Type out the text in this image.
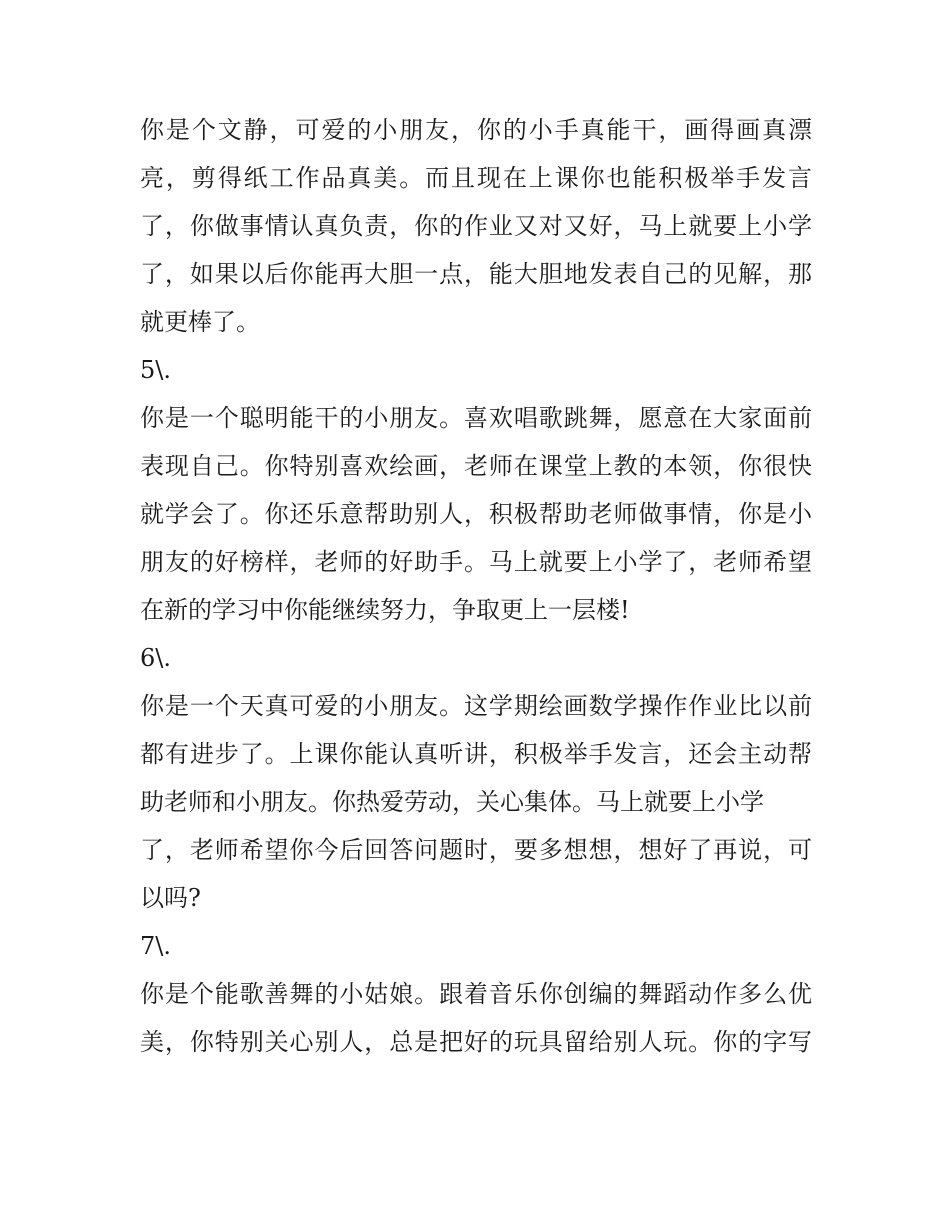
你是个文静，可爱的小朋友，你的小手真能干，画得画真漂
亮，剪得纸工作品真美。而且现在上课你也能积极举手发言
了，你做事情认真负责，你的作业又对又好，马上就要上小学
了，如果以后你能再大胆一点，能大胆地发表自己的见解，那
就更棒了。
5\.
你是一个聪明能干的小朋友。喜欢唱歌跳舞，愿意在大家面前
表现自己。你特别喜欢绘画，老师在课堂上教的本领，你很快
就学会了。你还乐意帮助别人，积极帮助老师做事情，你是小
朋友的好榜样，老师的好助手。马上就要上小学了，老师希望
在新的学习中你能继续努力，争取更上一层楼!
6\.
你是一个天真可爱的小朋友。这学期绘画数学操作作业比以前
都有进步了。上课你能认真听讲，积极举手发言，还会主动帮
助老师和小朋友。你热爱劳动，关心集体。马上就要上小学
了，老师希望你今后回答问题时，要多想想，想好了再说，可
以吗?
7\.
你是个能歌善舞的小姑娘。跟着音乐你创编的舞蹈动作多么优
美，你特别关心别人，总是把好的玩具留给别人玩。你的字写
